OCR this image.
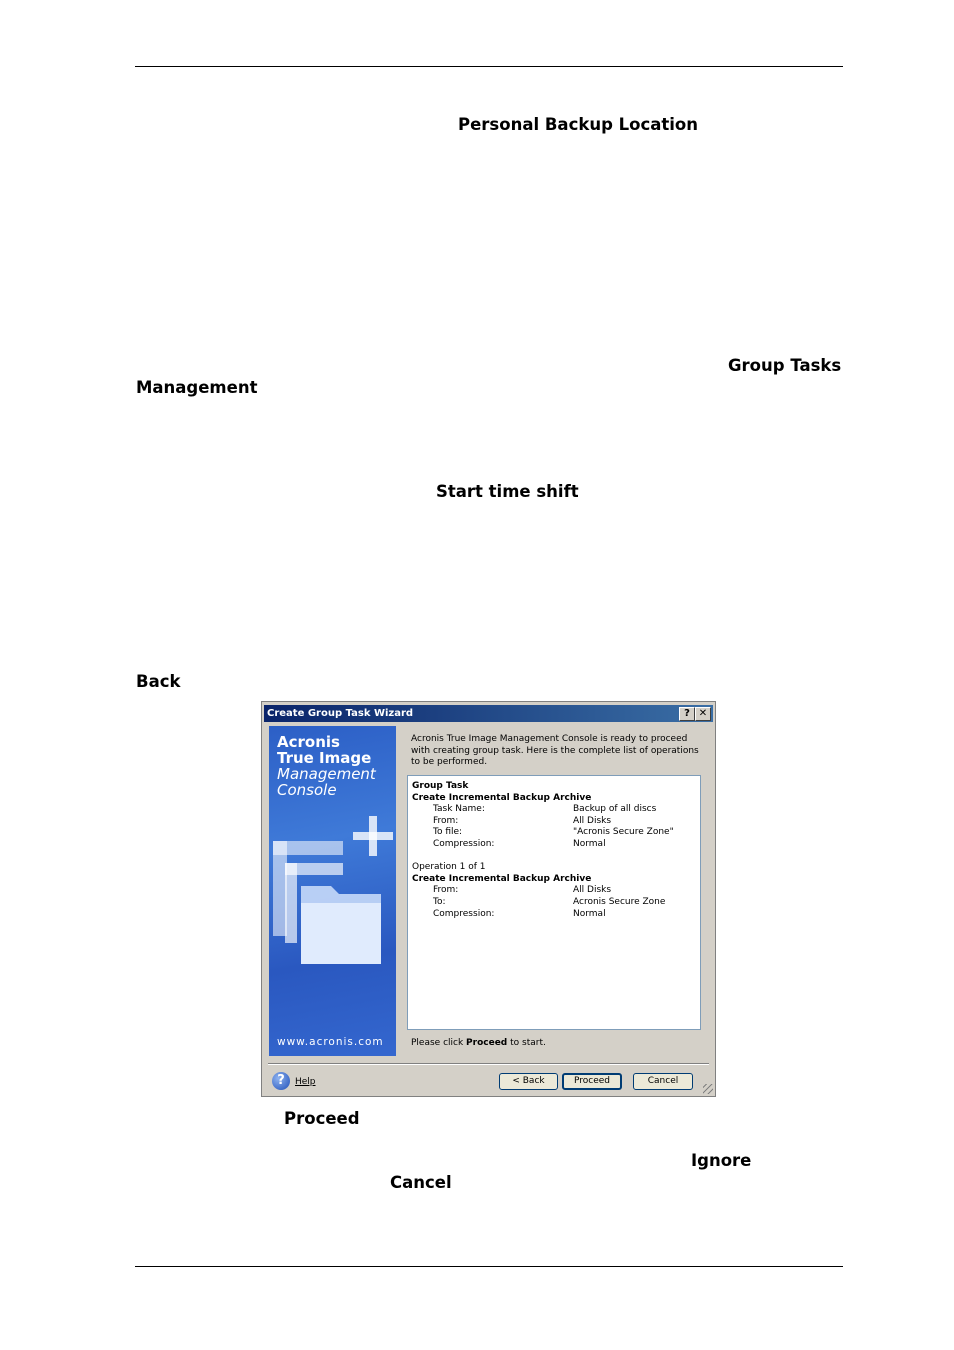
Personal Backup Location
Group Tasks
Management
Start time shift
Back
Create Group Task Wizard	? ✕
Acronis
True Image
Management
Console
www.acronis.com
Acronis True Image Management Console is ready to proceed with creating group task. Here is the complete list of operations to be performed.
Group Task
Create Incremental Backup Archive
Task Name:	Backup of all discs
From:	All Disks
To file:	"Acronis Secure Zone"
Compression:	Normal
Operation 1 of 1
Create Incremental Backup Archive
From:	All Disks
To:	Acronis Secure Zone
Compression:	Normal
Please click Proceed to start.
?	Help	< Back	Proceed	Cancel
Proceed
Ignore
Cancel
